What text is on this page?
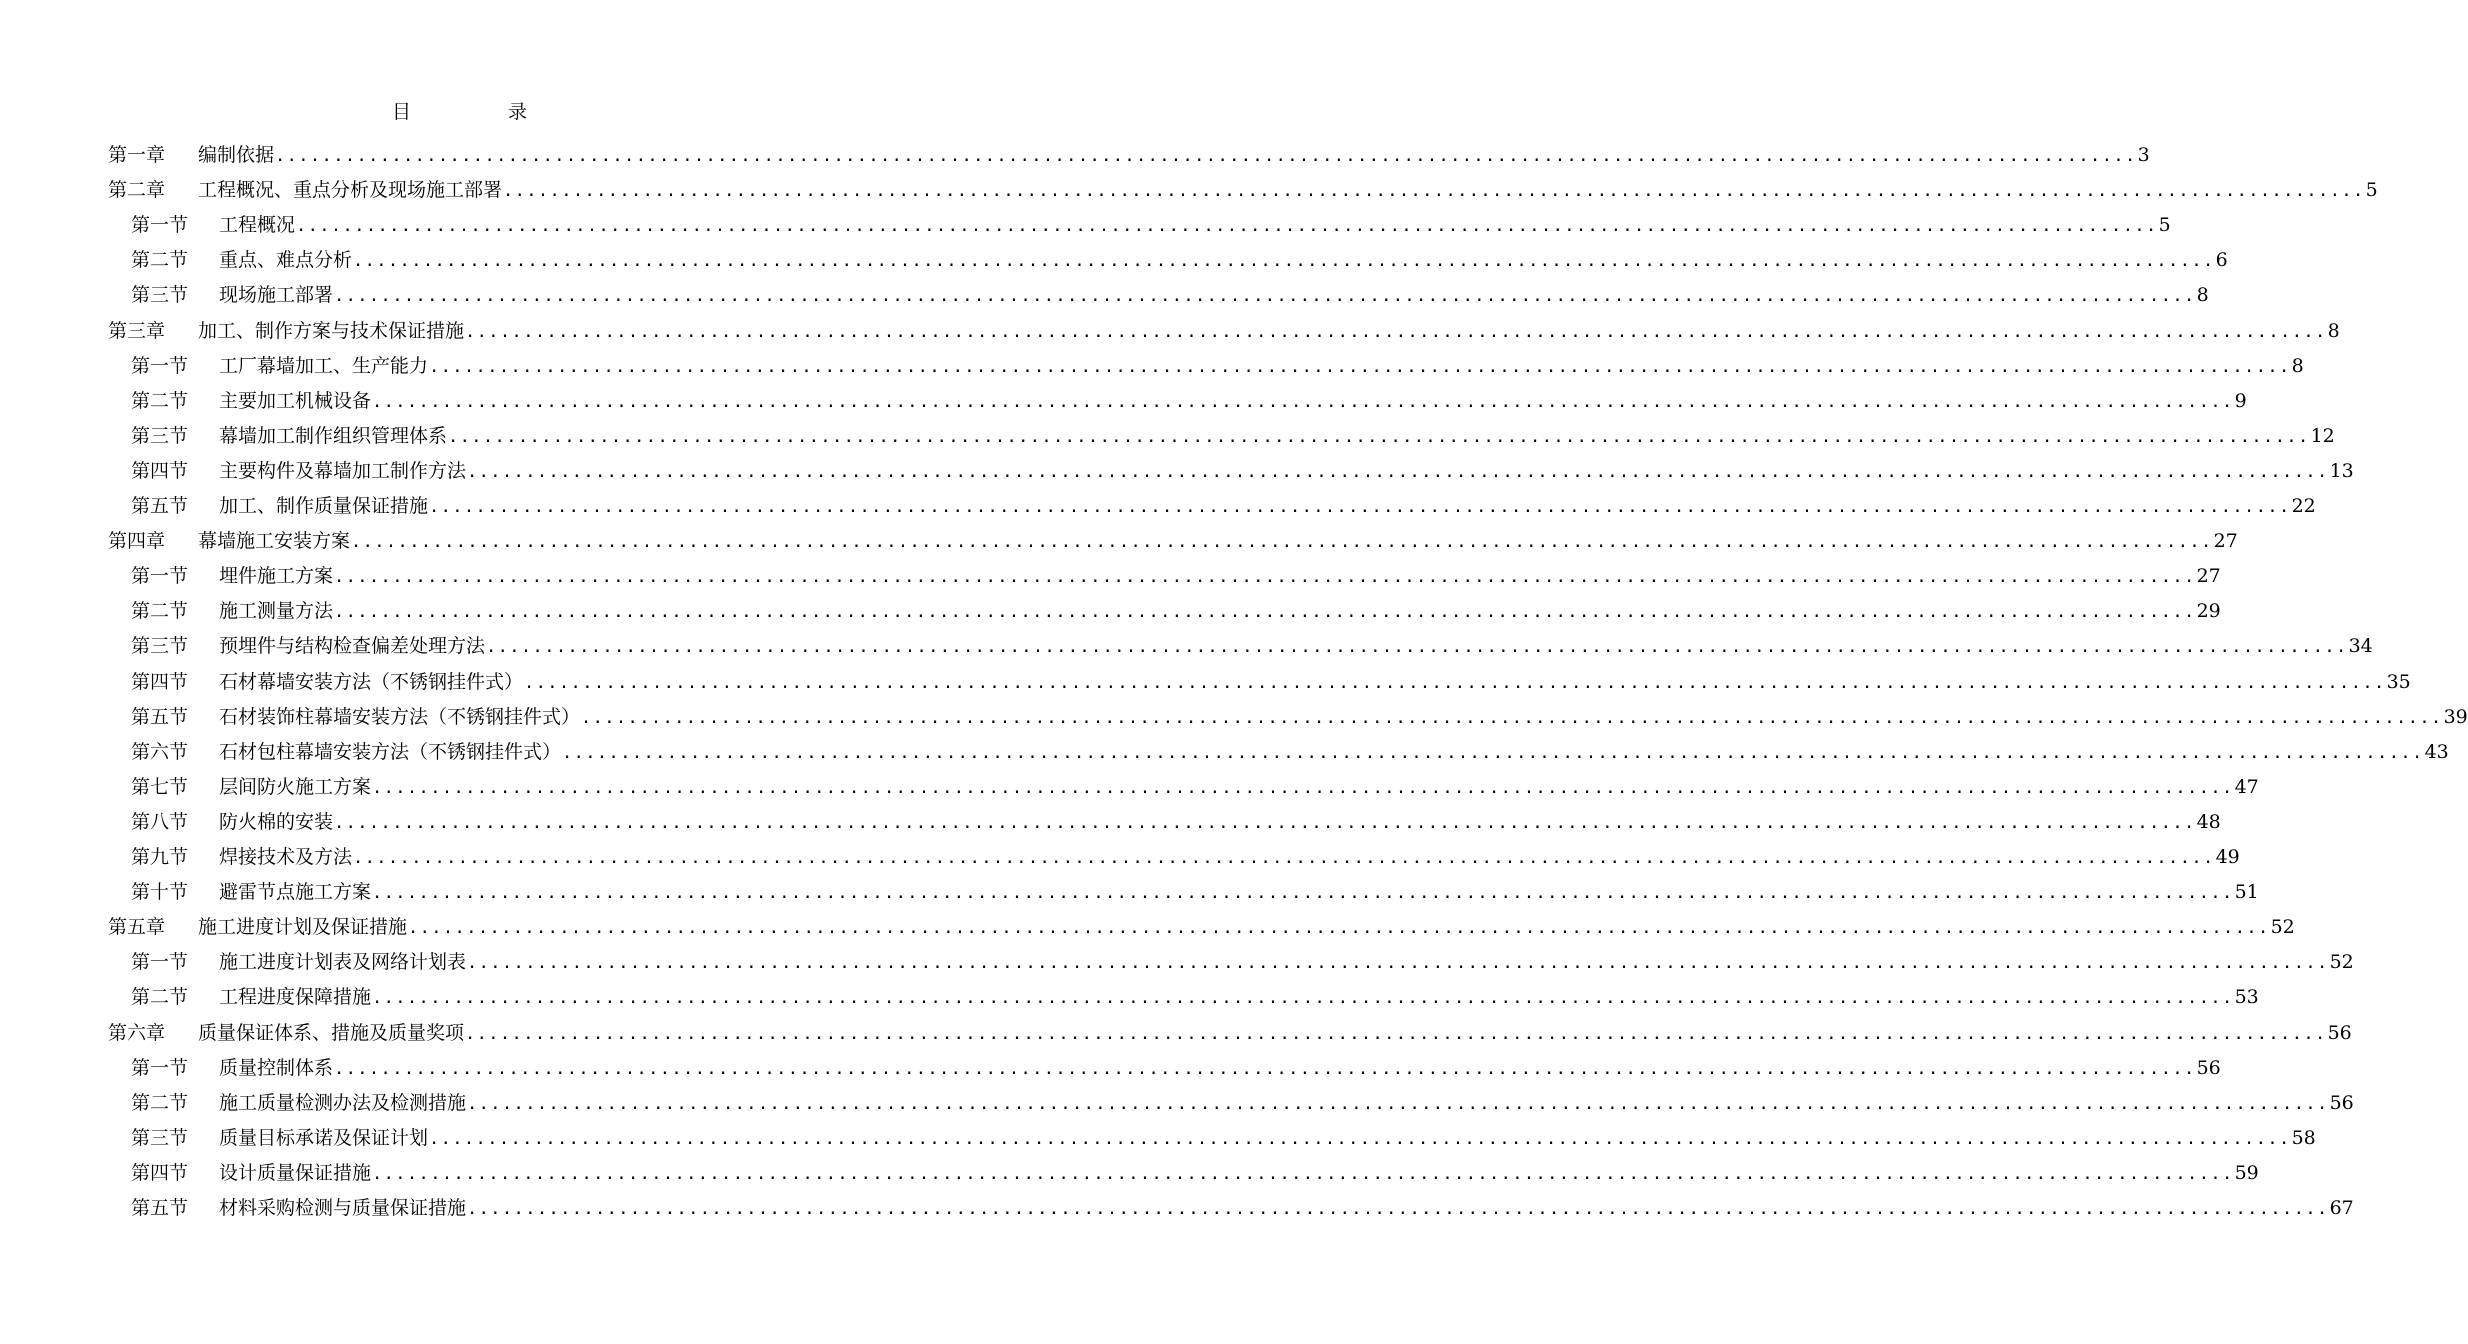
目	录
第一章	编制依据 ................................................................................................................................................................ 3
第二章	工程概况、重点分析及现场施工部署 ................................................................................................................................................................ 5
第一节	工程概况 ................................................................................................................................................................ 5
第二节	重点、难点分析 ................................................................................................................................................................ 6
第三节	现场施工部署 ................................................................................................................................................................ 8
第三章	加工、制作方案与技术保证措施 ................................................................................................................................................................ 8
第一节	工厂幕墙加工、生产能力 ................................................................................................................................................................ 8
第二节	主要加工机械设备 ................................................................................................................................................................ 9
第三节	幕墙加工制作组织管理体系 ................................................................................................................................................................ 12
第四节	主要构件及幕墙加工制作方法 ................................................................................................................................................................ 13
第五节	加工、制作质量保证措施 ................................................................................................................................................................ 22
第四章	幕墙施工安装方案 ................................................................................................................................................................ 27
第一节	埋件施工方案 ................................................................................................................................................................ 27
第二节	施工测量方法 ................................................................................................................................................................ 29
第三节	预埋件与结构检查偏差处理方法 ................................................................................................................................................................ 34
第四节	石材幕墙安装方法（不锈钢挂件式） ................................................................................................................................................................ 35
第五节	石材装饰柱幕墙安装方法（不锈钢挂件式） ................................................................................................................................................................ 39
第六节	石材包柱幕墙安装方法（不锈钢挂件式） ................................................................................................................................................................ 43
第七节	层间防火施工方案 ................................................................................................................................................................ 47
第八节	防火棉的安装 ................................................................................................................................................................ 48
第九节	焊接技术及方法 ................................................................................................................................................................ 49
第十节	避雷节点施工方案 ................................................................................................................................................................ 51
第五章	施工进度计划及保证措施 ................................................................................................................................................................ 52
第一节	施工进度计划表及网络计划表 ................................................................................................................................................................ 52
第二节	工程进度保障措施 ................................................................................................................................................................ 53
第六章	质量保证体系、措施及质量奖项 ................................................................................................................................................................ 56
第一节	质量控制体系 ................................................................................................................................................................ 56
第二节	施工质量检测办法及检测措施 ................................................................................................................................................................ 56
第三节	质量目标承诺及保证计划 ................................................................................................................................................................ 58
第四节	设计质量保证措施 ................................................................................................................................................................ 59
第五节	材料采购检测与质量保证措施 ................................................................................................................................................................ 67
